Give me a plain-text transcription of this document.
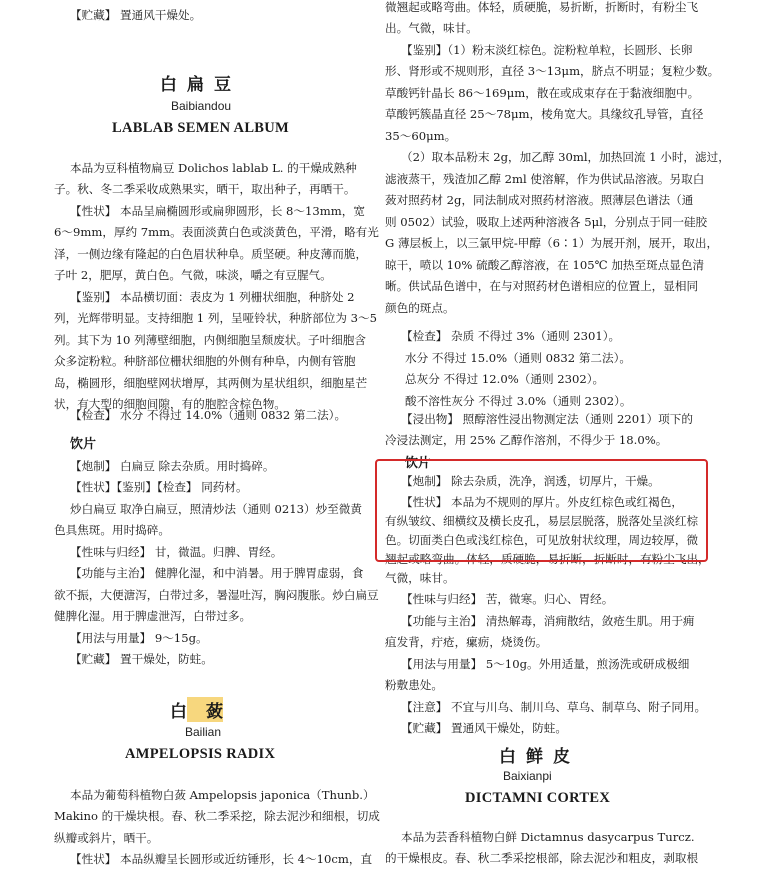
【贮藏】 置通风干燥处。

白扁豆
Baibiandou
LABLAB SEMEN ALBUM

本品为豆科植物扁豆 Dolichos lablab L. 的干燥成熟种

子。秋、冬二季采收成熟果实，晒干，取出种子，再晒干。

【性状】 本品呈扁椭圆形或扁卵圆形，长 8～13mm，宽

6～9mm，厚约 7mm。表面淡黄白色或淡黄色，平滑，略有光

泽，一侧边缘有隆起的白色眉状种阜。质坚硬。种皮薄而脆，

子叶 2，肥厚，黄白色。气微，味淡，嚼之有豆腥气。

【鉴别】 本品横切面：表皮为 1 列栅状细胞，种脐处 2

列，光辉带明显。支持细胞 1 列，呈哑铃状，种脐部位为 3～5

列。其下为 10 列薄壁细胞，内侧细胞呈颓废状。子叶细胞含

众多淀粉粒。种脐部位栅状细胞的外侧有种阜，内侧有管胞

岛，椭圆形，细胞壁网状增厚，其两侧为星状组织，细胞星芒

状，有大型的细胞间隙，有的胞腔含棕色物。

【检查】 水分 不得过 14.0%（通则 0832 第二法）。

饮片

【炮制】 白扁豆 除去杂质。用时捣碎。

【性状】【鉴别】【检查】 同药材。

炒白扁豆 取净白扁豆，照清炒法（通则 0213）炒至微黄

色具焦斑。用时捣碎。

【性味与归经】 甘，微温。归脾、胃经。

【功能与主治】 健脾化湿，和中消暑。用于脾胃虚弱，食

欲不振，大便溏泻，白带过多，暑湿吐泻，胸闷腹胀。炒白扁豆

健脾化湿。用于脾虚泄泻，白带过多。

【用法与用量】 9～15g。

【贮藏】 置干燥处，防蛀。

白 蔹
Bailian
AMPELOPSIS RADIX

本品为葡萄科植物白蔹 Ampelopsis japonica（Thunb.）

Makino 的干燥块根。春、秋二季采挖，除去泥沙和细根，切成

纵瓣或斜片，晒干。

【性状】 本品纵瓣呈长圆形或近纺锤形，长 4～10cm，直

微翘起或略弯曲。体轻，质硬脆，易折断，折断时，有粉尘飞

出。气微，味甘。

【鉴别】（1）粉末淡红棕色。淀粉粒单粒，长圆形、长卵

形、肾形或不规则形，直径 3～13μm，脐点不明显；复粒少数。

草酸钙针晶长 86～169μm，散在或成束存在于黏液细胞中。

草酸钙簇晶直径 25～78μm，棱角宽大。具缘纹孔导管，直径

35～60μm。

（2）取本品粉末 2g，加乙醇 30ml，加热回流 1 小时，滤过，

滤液蒸干，残渣加乙醇 2ml 使溶解，作为供试品溶液。另取白

蔹对照药材 2g，同法制成对照药材溶液。照薄层色谱法（通

则 0502）试验，吸取上述两种溶液各 5μl，分别点于同一硅胶

G 薄层板上，以三氯甲烷-甲醇（6∶1）为展开剂，展开，取出，

晾干，喷以 10% 硫酸乙醇溶液，在 105℃ 加热至斑点显色清

晰。供试品色谱中，在与对照药材色谱相应的位置上，显相同

颜色的斑点。

【检查】 杂质 不得过 3%（通则 2301）。

水分 不得过 15.0%（通则 0832 第二法）。

总灰分 不得过 12.0%（通则 2302）。

酸不溶性灰分 不得过 3.0%（通则 2302）。

【浸出物】 照醇溶性浸出物测定法（通则 2201）项下的

冷浸法测定，用 25% 乙醇作溶剂，不得少于 18.0%。

饮片

【炮制】 除去杂质，洗净，润透，切厚片，干燥。

【性状】 本品为不规则的厚片。外皮红棕色或红褐色，

有纵皱纹、细横纹及横长皮孔，易层层脱落，脱落处呈淡红棕

色。切面类白色或浅红棕色，可见放射状纹理，周边较厚，微

翘起或略弯曲。体轻，质硬脆，易折断，折断时，有粉尘飞出，

气微，味甘。

【性味与归经】 苦，微寒。归心、胃经。

【功能与主治】 清热解毒，消痈散结，敛疮生肌。用于痈

疽发背，疔疮，瘰疬，烧烫伤。

【用法与用量】 5～10g。外用适量，煎汤洗或研成极细

粉敷患处。

【注意】 不宜与川乌、制川乌、草乌、制草乌、附子同用。

【贮藏】 置通风干燥处，防蛀。

白鲜皮
Baixianpi
DICTAMNI CORTEX

本品为芸香科植物白鲜 Dictamnus dasycarpus Turcz.

的干燥根皮。春、秋二季采挖根部，除去泥沙和粗皮，剥取根
